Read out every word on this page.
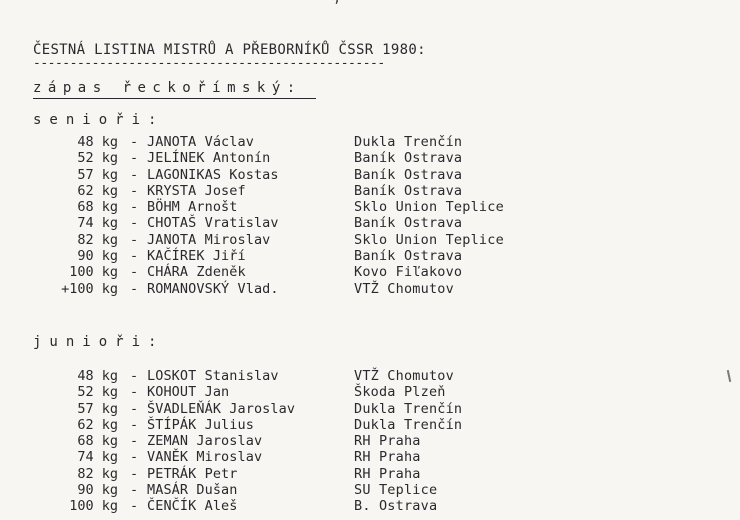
ČESTNÁ LISTINA MISTRŮ A PŘEBORNÍKŮ ČSSR 1980:
------------------------------------------------
zápas řeckořímský:
senioři:
48 kg - JANOTA Václav	Dukla Trenčín
52 kg - JELÍNEK Antonín	Baník Ostrava
57 kg - LAGONIKAS Kostas	Baník Ostrava
62 kg - KRYSTA Josef	Baník Ostrava
68 kg - BÖHM Arnošt	Sklo Union Teplice
74 kg - CHOTAŠ Vratislav	Baník Ostrava
82 kg - JANOTA Miroslav	Sklo Union Teplice
90 kg - KAČÍREK Jiří	Baník Ostrava
100 kg - CHÁRA Zdeněk	Kovo Fiľakovo
+100 kg - ROMANOVSKÝ Vlad.	VTŽ Chomutov
junioři:
48 kg - LOSKOT Stanislav	VTŽ Chomutov
52 kg - KOHOUT Jan	Škoda Plzeň
57 kg - ŠVADLEŇÁK Jaroslav	Dukla Trenčín
62 kg - ŠTÍPÁK Julius	Dukla Trenčín
68 kg - ZEMAN Jaroslav	RH Praha
74 kg - VANĚK Miroslav	RH Praha
82 kg - PETRÁK Petr	RH Praha
90 kg - MASÁR Dušan	SU Teplice
100 kg - ČENČÍK Aleš	B. Ostrava
